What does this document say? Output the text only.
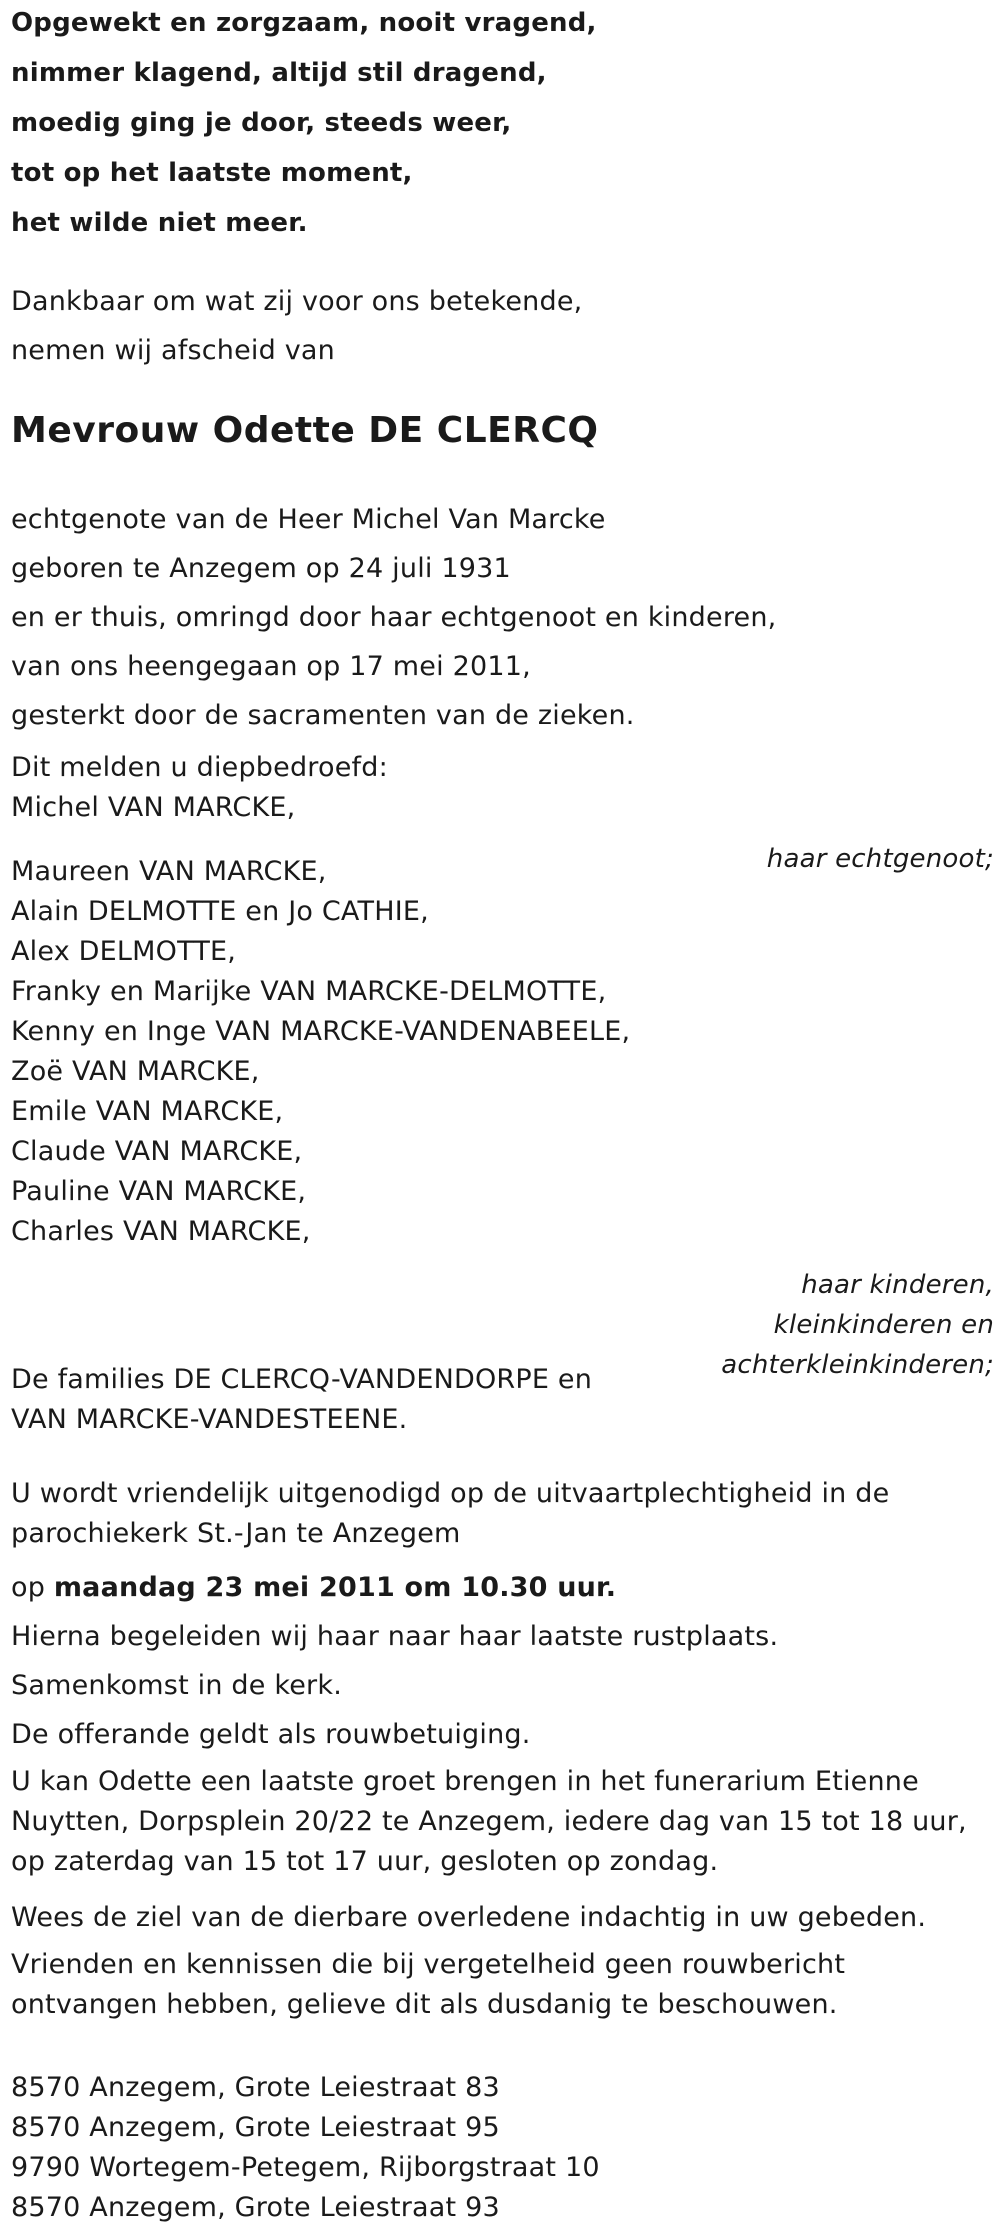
Opgewekt en zorgzaam, nooit vragend,

nimmer klagend, altijd stil dragend,

moedig ging je door, steeds weer,

tot op het laatste moment,

het wilde niet meer.

Dankbaar om wat zij voor ons betekende,

nemen wij afscheid van

Mevrouw Odette DE CLERCQ

echtgenote van de Heer Michel Van Marcke

geboren te Anzegem op 24 juli 1931

en er thuis, omringd door haar echtgenoot en kinderen,

van ons heengegaan op 17 mei 2011,

gesterkt door de sacramenten van de zieken.

Dit melden u diepbedroefd:

Michel VAN MARCKE,

haar echtgenoot;

Maureen VAN MARCKE,

Alain DELMOTTE en Jo CATHIE,

Alex DELMOTTE,

Franky en Marijke VAN MARCKE-DELMOTTE,

Kenny en Inge VAN MARCKE-VANDENABEELE,

Zoë VAN MARCKE,

Emile VAN MARCKE,

Claude VAN MARCKE,

Pauline VAN MARCKE,

Charles VAN MARCKE,

haar kinderen,

kleinkinderen en

achterkleinkinderen;

De families DE CLERCQ-VANDENDORPE en

VAN MARCKE-VANDESTEENE.

U wordt vriendelijk uitgenodigd op de uitvaartplechtigheid in de parochiekerk St.-Jan te Anzegem

op maandag 23 mei 2011 om 10.30 uur.

Hierna begeleiden wij haar naar haar laatste rustplaats.

Samenkomst in de kerk.

De offerande geldt als rouwbetuiging.

U kan Odette een laatste groet brengen in het funerarium Etienne Nuytten, Dorpsplein 20/22 te Anzegem, iedere dag van 15 tot 18 uur, op zaterdag van 15 tot 17 uur, gesloten op zondag.

Wees de ziel van de dierbare overledene indachtig in uw gebeden.

Vrienden en kennissen die bij vergetelheid geen rouwbericht ontvangen hebben, gelieve dit als dusdanig te beschouwen.

8570 Anzegem, Grote Leiestraat 83

8570 Anzegem, Grote Leiestraat 95

9790 Wortegem-Petegem, Rijborgstraat 10

8570 Anzegem, Grote Leiestraat 93
